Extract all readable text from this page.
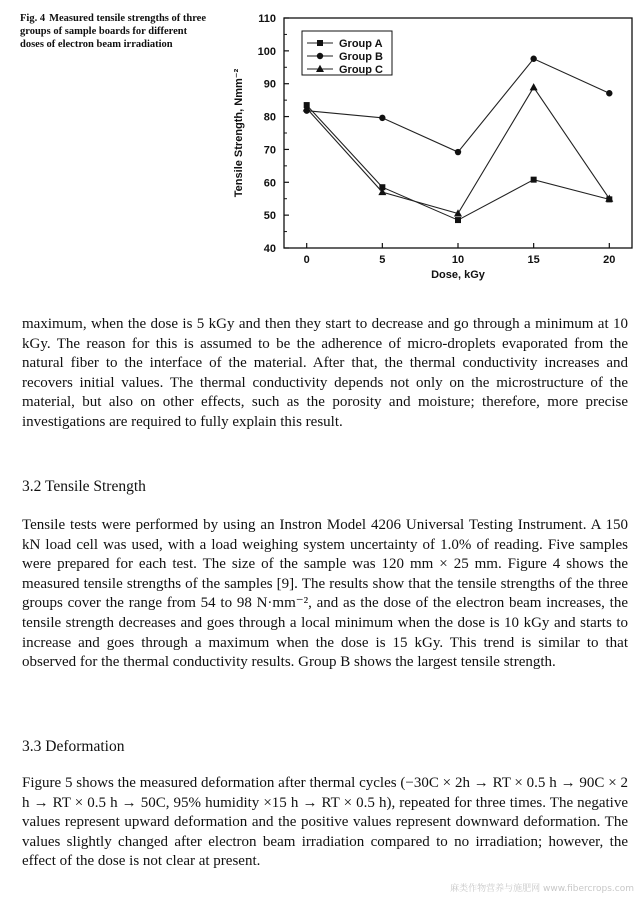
Fig. 4 Measured tensile strengths of three groups of sample boards for different doses of electron beam irradiation
40
50
60
70
80
90
100
110
0	5	10	15	20
Dose, kGy
Tensile Strength, Nmm⁻²
Group A
Group B
Group C

maximum, when the dose is 5 kGy and then they start to decrease and go through a minimum at 10 kGy. The reason for this is assumed to be the adherence of micro-droplets evaporated from the natural fiber to the interface of the material. After that, the thermal conductivity increases and recovers initial values. The thermal conductivity depends not only on the microstructure of the material, but also on other effects, such as the porosity and moisture; therefore, more precise investigations are required to fully explain this result.

3.2 Tensile Strength

Tensile tests were performed by using an Instron Model 4206 Universal Testing Instrument. A 150 kN load cell was used, with a load weighing system uncertainty of 1.0% of reading. Five samples were prepared for each test. The size of the sample was 120 mm × 25 mm. Figure 4 shows the measured tensile strengths of the samples [9]. The results show that the tensile strengths of the three groups cover the range from 54 to 98 N·mm⁻², and as the dose of the electron beam increases, the tensile strength decreases and goes through a local minimum when the dose is 10 kGy and starts to increase and goes through a maximum when the dose is 15 kGy. This trend is similar to that observed for the thermal conductivity results. Group B shows the largest tensile strength.

3.3 Deformation

Figure 5 shows the measured deformation after thermal cycles (−30C × 2h → RT × 0.5 h → 90C × 2 h → RT × 0.5 h → 50C, 95% humidity ×15 h → RT × 0.5 h), repeated for three times. The negative values represent upward deformation and the positive values represent downward deformation. The values slightly changed after electron beam irradiation compared to no irradiation; however, the effect of the dose is not clear at present.

麻类作物营养与施肥网 www.fibercrops.com
